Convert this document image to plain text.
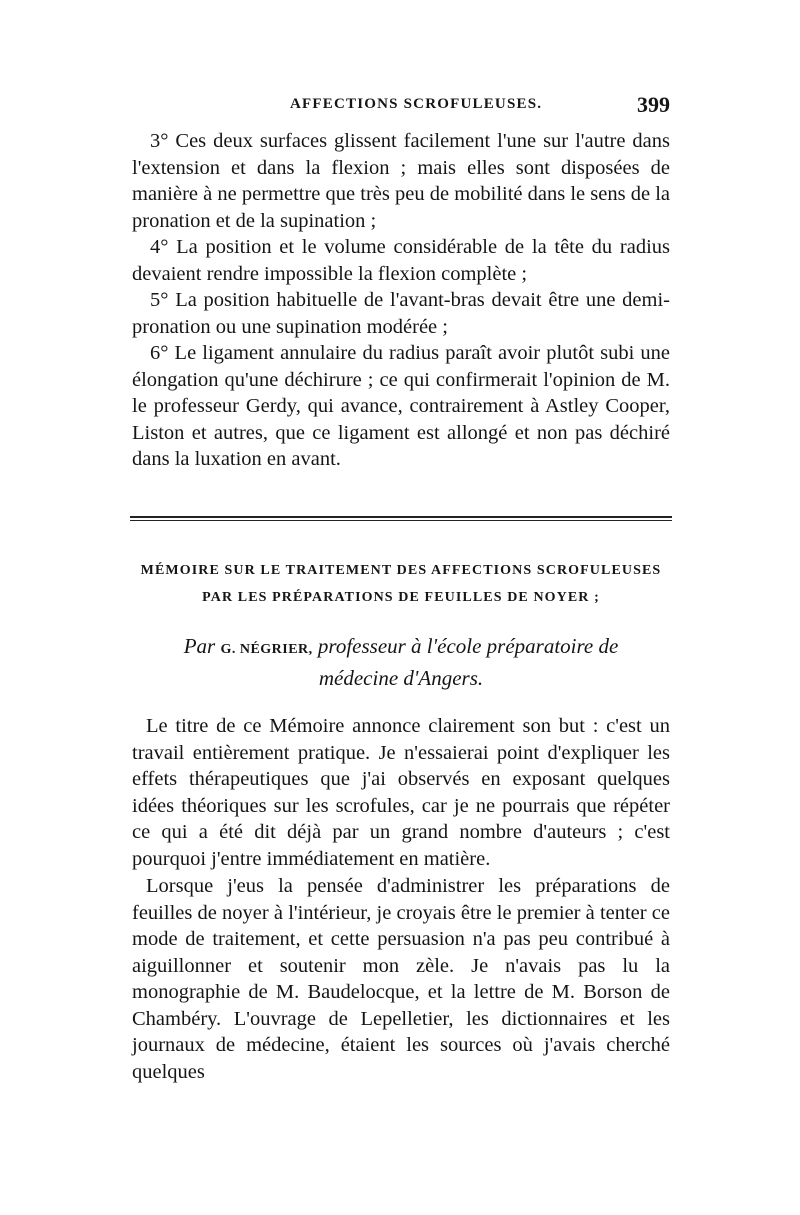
AFFECTIONS SCROFULEUSES.	399

3° Ces deux surfaces glissent facilement l'une sur l'autre dans l'extension et dans la flexion ; mais elles sont disposées de manière à ne permettre que très peu de mobilité dans le sens de la pronation et de la supination ;

4° La position et le volume considérable de la tête du radius devaient rendre impossible la flexion complète ;

5° La position habituelle de l'avant-bras devait être une demi-pronation ou une supination modérée ;

6° Le ligament annulaire du radius paraît avoir plutôt subi une élongation qu'une déchirure ; ce qui confirmerait l'opinion de M. le professeur Gerdy, qui avance, contrairement à Astley Cooper, Liston et autres, que ce ligament est allongé et non pas déchiré dans la luxation en avant.

MÉMOIRE SUR LE TRAITEMENT DES AFFECTIONS SCROFULEUSES
PAR LES PRÉPARATIONS DE FEUILLES DE NOYER ;
Par G. NÉGRIER, professeur à l'école préparatoire de
médecine d'Angers.

Le titre de ce Mémoire annonce clairement son but : c'est un travail entièrement pratique. Je n'essaierai point d'expliquer les effets thérapeutiques que j'ai observés en exposant quelques idées théoriques sur les scrofules, car je ne pourrais que répéter ce qui a été dit déjà par un grand nombre d'auteurs ; c'est pourquoi j'entre immédiatement en matière.

Lorsque j'eus la pensée d'administrer les préparations de feuilles de noyer à l'intérieur, je croyais être le premier à tenter ce mode de traitement, et cette persuasion n'a pas peu contribué à aiguillonner et soutenir mon zèle. Je n'avais pas lu la monographie de M. Baudelocque, et la lettre de M. Borson de Chambéry. L'ouvrage de Lepelletier, les dictionnaires et les journaux de médecine, étaient les sources où j'avais cherché quelques
